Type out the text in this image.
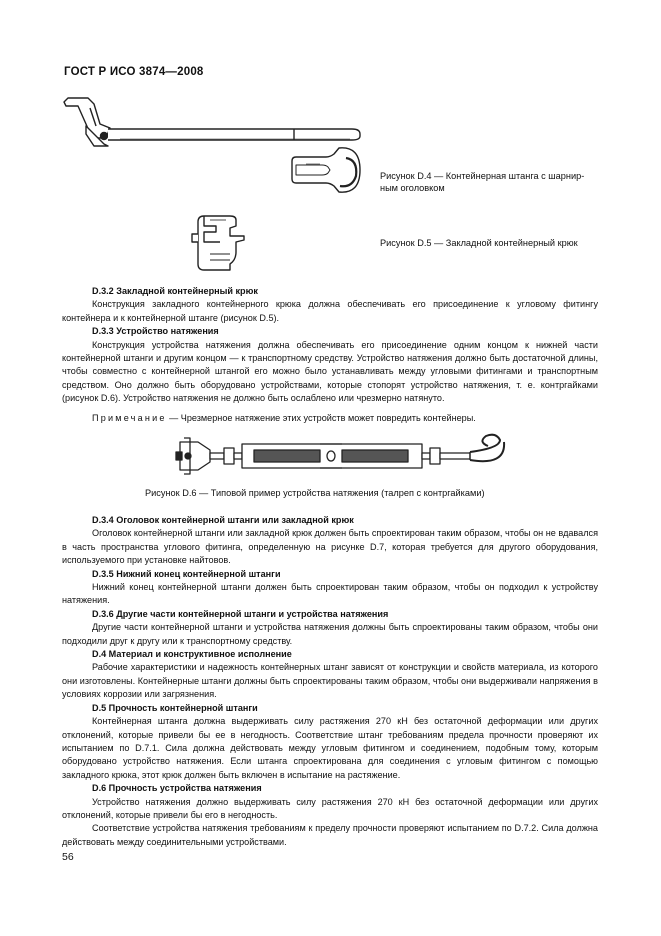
ГОСТ Р ИСО 3874—2008
Рисунок D.4 — Контейнерная штанга с шарнир-
ным оголовком
Рисунок D.5 — Закладной контейнерный крюк

D.3.2 Закладной контейнерный крюк

Конструкция закладного контейнерного крюка должна обеспечивать его присоединение к угловому фитингу контейнера и к контейнерной штанге (рисунок D.5).

D.3.3 Устройство натяжения

Конструкция устройства натяжения должна обеспечивать его присоединение одним концом к нижней части контейнерной штанги и другим концом — к транспортному средству. Устройство натяжения должно быть достаточной длины, чтобы совместно с контейнерной штангой его можно было устанавливать между угловыми фитингами и транспортным средством. Оно должно быть оборудовано устройствами, которые стопорят устройство натяжения, т. е. контргайками (рисунок D.6). Устройство натяжения не должно быть ослаблено или чрезмерно натянуто.

Примечание — Чрезмерное натяжение этих устройств может повредить контейнеры.

Рисунок D.6 — Типовой пример устройства натяжения (талреп с контргайками)

D.3.4 Оголовок контейнерной штанги или закладной крюк

Оголовок контейнерной штанги или закладной крюк должен быть спроектирован таким образом, чтобы он не вдавался в часть пространства углового фитинга, определенную на рисунке D.7, которая требуется для другого оборудования, используемого при установке найтовов.

D.3.5 Нижний конец контейнерной штанги

Нижний конец контейнерной штанги должен быть спроектирован таким образом, чтобы он подходил к устройству натяжения.

D.3.6 Другие части контейнерной штанги и устройства натяжения

Другие части контейнерной штанги и устройства натяжения должны быть спроектированы таким образом, чтобы они подходили друг к другу или к транспортному средству.

D.4 Материал и конструктивное исполнение

Рабочие характеристики и надежность контейнерных штанг зависят от конструкции и свойств материала, из которого они изготовлены. Контейнерные штанги должны быть спроектированы таким образом, чтобы они выдерживали напряжения в условиях коррозии или загрязнения.

D.5 Прочность контейнерной штанги

Контейнерная штанга должна выдерживать силу растяжения 270 кН без остаточной деформации или других отклонений, которые привели бы ее в негодность. Соответствие штанг требованиям предела прочности проверяют их испытанием по D.7.1. Сила должна действовать между угловым фитингом и соединением, подобным тому, которым оборудовано устройство натяжения. Если штанга спроектирована для соединения с угловым фитингом с помощью закладного крюка, этот крюк должен быть включен в испытание на растяжение.

D.6 Прочность устройства натяжения

Устройство натяжения должно выдерживать силу растяжения 270 кН без остаточной деформации или других отклонений, которые привели бы его в негодность.

Соответствие устройства натяжения требованиям к пределу прочности проверяют испытанием по D.7.2. Сила должна действовать между соединительными устройствами.

56
